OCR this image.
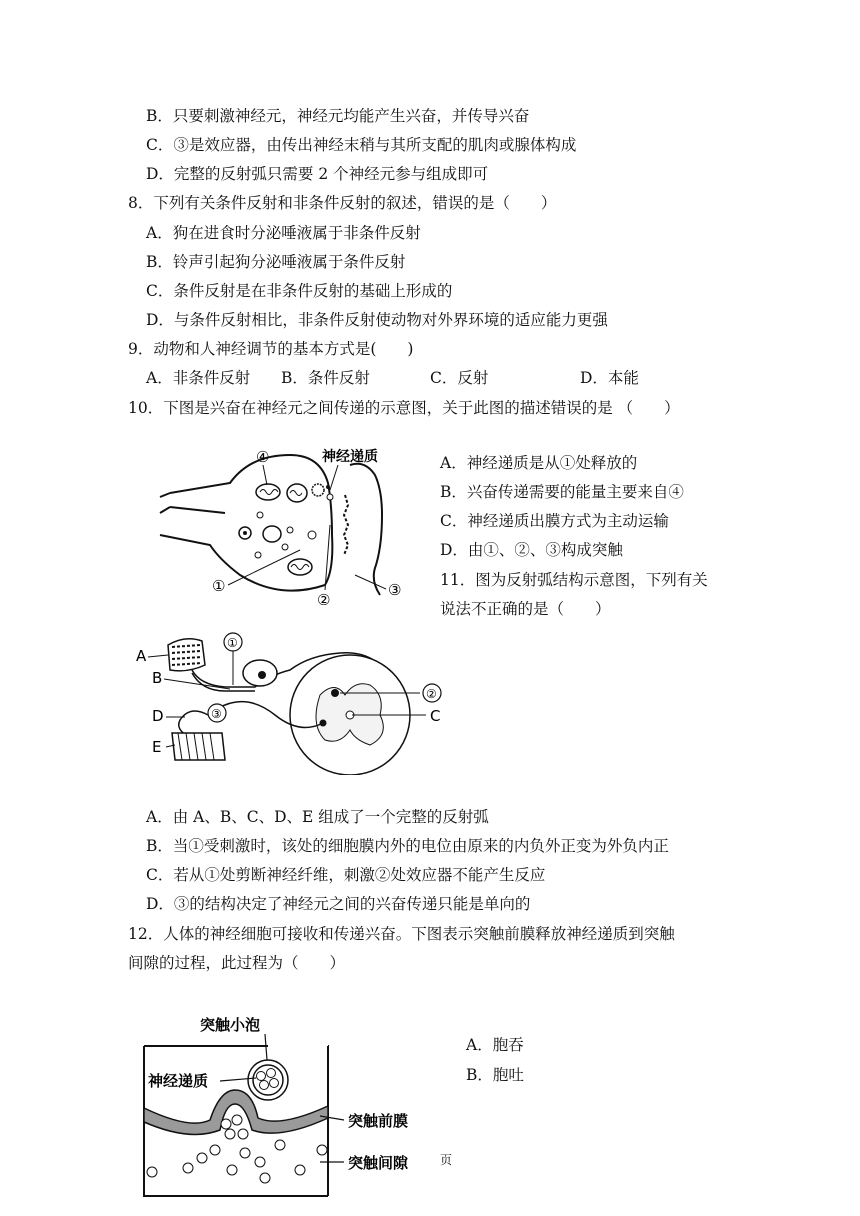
B．只要刺激神经元，神经元均能产生兴奋，并传导兴奋
C．③是效应器，由传出神经末稍与其所支配的肌肉或腺体构成
D．完整的反射弧只需要 2 个神经元参与组成即可
8．下列有关条件反射和非条件反射的叙述，错误的是（　　）
A．狗在进食时分泌唾液属于非条件反射
B．铃声引起狗分泌唾液属于条件反射
C．条件反射是在非条件反射的基础上形成的
D．与条件反射相比，非条件反射使动物对外界环境的适应能力更强
9．动物和人神经调节的基本方式是(　　)
A．非条件反射 B．条件反射	C．反射	D．本能
10．下图是兴奋在神经元之间传递的示意图，关于此图的描述错误的是 （　　）
神经递质
④
①
②
③
A．神经递质是从①处释放的
B．兴奋传递需要的能量主要来自④
C．神经递质出膜方式为主动运输
D．由①、②、③构成突触
11．图为反射弧结构示意图，下列有关
说法不正确的是（　　）
A
B
①
D
E
③
②
C
A．由 A、B、C、D、E 组成了一个完整的反射弧
B．当①受刺激时，该处的细胞膜内外的电位由原来的内负外正变为外负内正
C．若从①处剪断神经纤维，刺激②处效应器不能产生反应
D．③的结构决定了神经元之间的兴奋传递只能是单向的
12．人体的神经细胞可接收和传递兴奋。下图表示突触前膜释放神经递质到突触
间隙的过程，此过程为（　　）
突触小泡
神经递质
突触前膜
突触间隙
A．胞吞
B．胞吐
页
